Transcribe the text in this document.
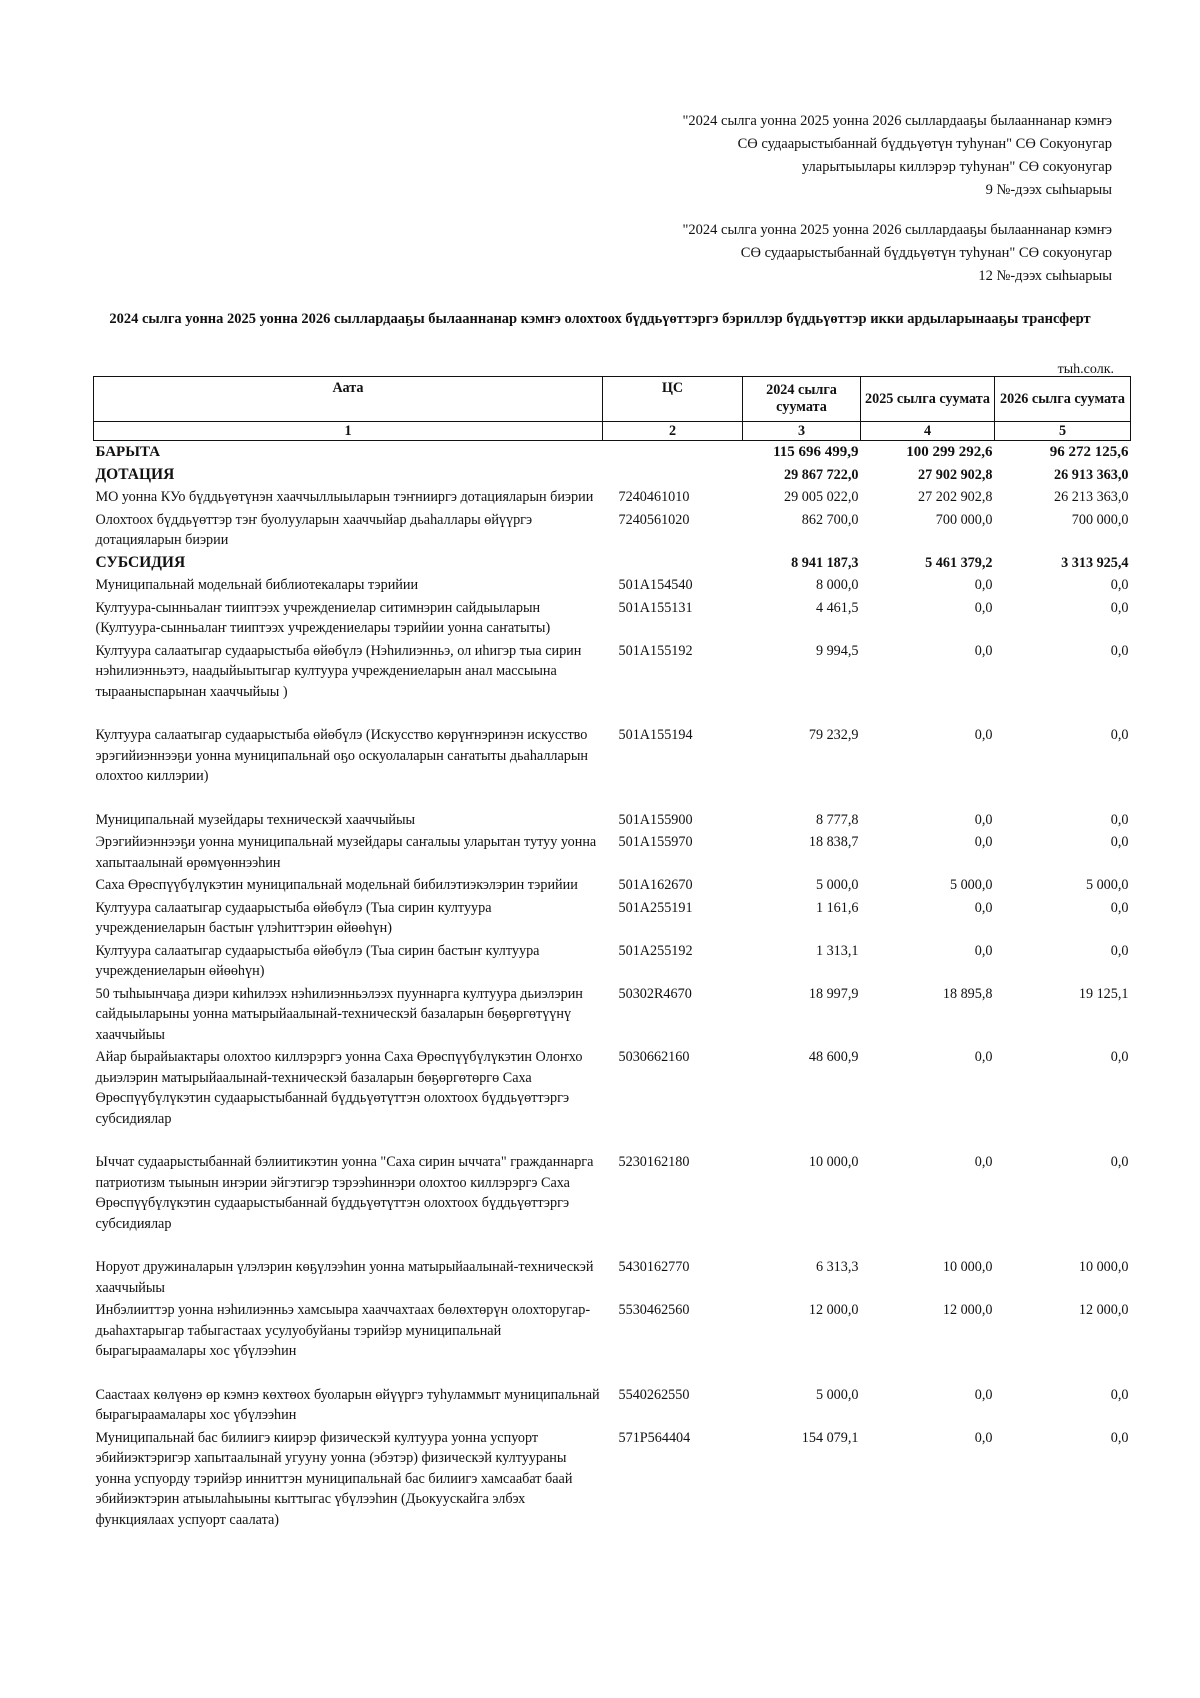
"2024 сылга уонна 2025 уонна 2026 сыллардааҕы былааннанар кэмҥэ
СӨ судаарыстыбаннай бүддьүөтүн туһунан" СӨ Сокуонугар
уларытыылары киллэрэр туһунан" СӨ сокуонугар
9 №-дээх сыһыарыы
"2024 сылга уонна 2025 уонна 2026 сыллардааҕы былааннанар кэмҥэ
СӨ судаарыстыбаннай бүддьүөтүн туһунан" СӨ сокуонугар
12 №-дээх сыһыарыы
2024 сылга уонна 2025 уонна 2026 сыллардааҕы былааннанар кэмҥэ олохтоох бүддьүөттэргэ бэриллэр бүддьүөттэр икки ардыларынааҕы трансферт
тыһ.солк.
Аата	ЦС	2024 сылга суумата	2025 сылга суумата	2026 сылга суумата
1	2	3	4	5
БАРЫТА		115 696 499,9	100 299 292,6	96 272 125,6
ДОТАЦИЯ		29 867 722,0	27 902 902,8	26 913 363,0
МО уонна КУо бүддьүөтүнэн хааччыллыыларын тэҥнииргэ дотацияларын биэрии	7240461010	29 005 022,0	27 202 902,8	26 213 363,0
Олохтоох бүддьүөттэр тэҥ буолууларын хааччыйар дьаһаллары өйүүргэ дотацияларын биэрии	7240561020	862 700,0	700 000,0	700 000,0
СУБСИДИЯ		8 941 187,3	5 461 379,2	3 313 925,4
Муниципальнай модельнай библиотекалары тэрийии	501A154540	8 000,0	0,0	0,0
Култуура-сынньалаҥ тииптээх учреждениелар ситимнэрин сайдыыларын (Култуура-сынньалаҥ тииптээх учреждениелары тэрийии уонна саҥатыты)	501A155131	4 461,5	0,0	0,0
Култуура салаатыгар судаарыстыба өйөбүлэ (Нэһилиэнньэ, ол иһигэр тыа сирин нэһилиэнньэтэ, наадыйыытыгар култуура учреждениеларын анал массыына тырааныспарынан хааччыйыы )	501A155192	9 994,5	0,0	0,0
Култуура салаатыгар судаарыстыба өйөбүлэ (Искусство көрүҥнэринэн искусство эрэгийиэннээҕи уонна муниципальнай оҕо оскуолаларын саҥатыты дьаһалларын олохтоо киллэрии)	501A155194	79 232,9	0,0	0,0
Муниципальнай музейдары техническэй хааччыйыы	501A155900	8 777,8	0,0	0,0
Эрэгийиэннээҕи уонна муниципальнай музейдары саҥалыы уларытан тутуу уонна хапытаалынай өрөмүөннээһин	501A155970	18 838,7	0,0	0,0
Саха Өрөспүүбүлүкэтин муниципальнай модельнай бибилэтиэкэлэрин тэрийии	501A162670	5 000,0	5 000,0	5 000,0
Култуура салаатыгар судаарыстыба өйөбүлэ (Тыа сирин култуура учреждениеларын бастыҥ үлэһиттэрин өйөөһүн)	501A255191	1 161,6	0,0	0,0
Култуура салаатыгар судаарыстыба өйөбүлэ (Тыа сирин бастыҥ култуура учреждениеларын өйөөһүн)	501A255192	1 313,1	0,0	0,0
50 тыһыынчаҕа диэри киһилээх нэһилиэнньэлээх пууннарга култуура дьиэлэрин сайдыыларыны уонна матырыйаалынай-техническэй базаларын бөҕөргөтүүнү хааччыйыы	50302R4670	18 997,9	18 895,8	19 125,1
Айар бырайыактары олохтоо киллэрэргэ уонна Саха Өрөспүүбүлүкэтин Олоҥхо дьиэлэрин матырыйаалынай-техническэй базаларын бөҕөргөтөргө Саха Өрөспүүбүлүкэтин судаарыстыбаннай бүддьүөтүттэн олохтоох бүддьүөттэргэ субсидиялар	5030662160	48 600,9	0,0	0,0
Ыччат судаарыстыбаннай бэлиитикэтин уонна "Саха сирин ыччата" гражданнарга патриотизм тыынын иҥэрии эйгэтигэр тэрээһиннэри олохтоо киллэрэргэ Саха Өрөспүүбүлүкэтин судаарыстыбаннай бүддьүөтүттэн олохтоох бүддьүөттэргэ субсидиялар	5230162180	10 000,0	0,0	0,0
Норуот дружиналарын үлэлэрин көҕүлээһин уонна матырыйаалынай-техническэй хааччыйыы	5430162770	6 313,3	10 000,0	10 000,0
Инбэлииттэр уонна нэһилиэнньэ хамсыыра хааччахтаах бөлөхтөрүн олохторугар-дьаһахтарыгар табыгастаах усулуобуйаны тэрийэр муниципальнай бырагыраамалары хос үбүлээһин	5530462560	12 000,0	12 000,0	12 000,0
Саастаах көлүөнэ өр кэмнэ көхтөох буоларын өйүүргэ туһуламмыт муниципальнай бырагыраамалары хос үбүлээһин	5540262550	5 000,0	0,0	0,0
Муниципальнай бас билиигэ киирэр физическэй култуура уонна успуорт эбийиэктэригэр хапытаалынай угууну уонна (эбэтэр) физическэй култуураны уонна успуорду тэрийэр инниттэн муниципальнай бас билиигэ хамсаабат баай эбийиэктэрин атыылаһыыны кыттыгас үбүлээһин (Дьокуускайга элбэх функциялаах успуорт саалата)	571P564404	154 079,1	0,0	0,0
